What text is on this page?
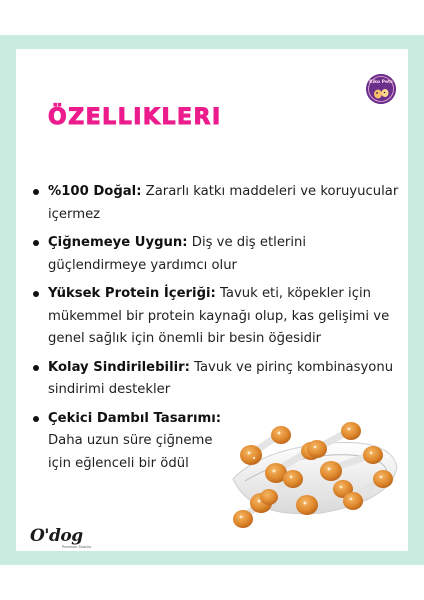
Kiko Pets
ÖZELLIKLERI
%100 Doğal: Zararlı katkı maddeleri ve koruyucular içermez
Çiğnemeye Uygun: Diş ve diş etlerini güçlendirmeye yardımcı olur
Yüksek Protein İçeriği: Tavuk eti, köpekler için mükemmel bir protein kaynağı olup, kas gelişimi ve genel sağlık için önemli bir besin öğesidir
Kolay Sindirilebilir: Tavuk ve pirinç kombinasyonu sindirimi destekler
Çekici Dambıl Tasarımı:
Daha uzun süre çiğneme için eğlenceli bir ödül
O'dog
Premium Snacks
